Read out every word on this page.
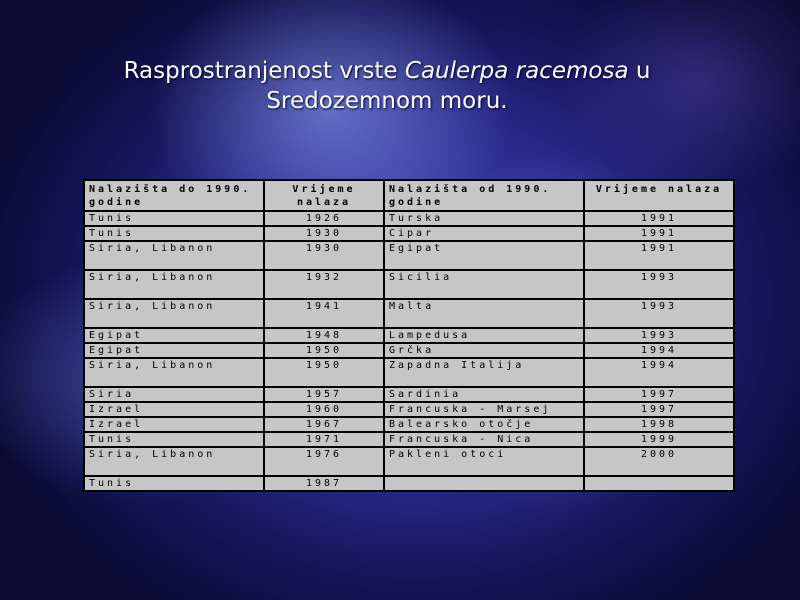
Rasprostranjenost vrste Caulerpa racemosa u
Sredozemnom moru.
Nalazišta do 1990. godine	Vrijeme nalaza	Nalazišta od 1990. godine	Vrijeme nalaza
Tunis	1926	Turska	1991
Tunis	1930	Cipar	1991
Siria, Libanon	1930	Egipat	1991
Siria, Libanon	1932	Sicilia	1993
Siria, Libanon	1941	Malta	1993
Egipat	1948	Lampedusa	1993
Egipat	1950	Grčka	1994
Siria, Libanon	1950	Zapadna Italija	1994
Siria	1957	Sardinia	1997
Izrael	1960	Francuska - Marsej	1997
Izrael	1967	Balearsko otočje	1998
Tunis	1971	Francuska - Nica	1999
Siria, Libanon	1976	Pakleni otoci	2000
Tunis	1987		
